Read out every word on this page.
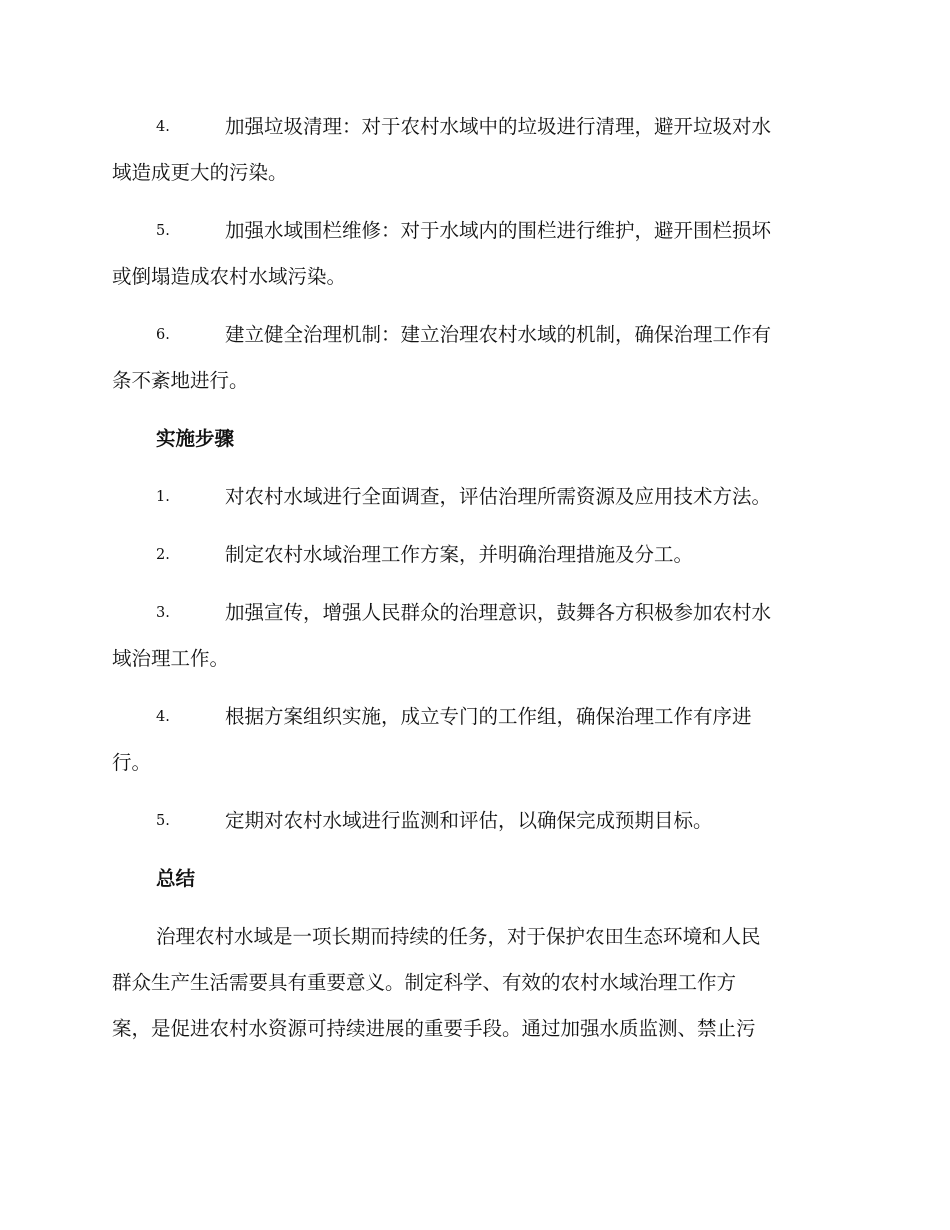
4.	加强垃圾清理：对于农村水域中的垃圾进行清理，避开垃圾对水
域造成更大的污染。
5.	加强水域围栏维修：对于水域内的围栏进行维护，避开围栏损坏
或倒塌造成农村水域污染。
6.	建立健全治理机制：建立治理农村水域的机制，确保治理工作有
条不紊地进行。
实施步骤
1.	对农村水域进行全面调查，评估治理所需资源及应用技术方法。
2.	制定农村水域治理工作方案，并明确治理措施及分工。
3.	加强宣传，增强人民群众的治理意识，鼓舞各方积极参加农村水
域治理工作。
4.	根据方案组织实施，成立专门的工作组，确保治理工作有序进
行。
5.	定期对农村水域进行监测和评估，以确保完成预期目标。
总结
治理农村水域是一项长期而持续的任务，对于保护农田生态环境和人民
群众生产生活需要具有重要意义。制定科学、有效的农村水域治理工作方
案，是促进农村水资源可持续进展的重要手段。通过加强水质监测、禁止污
